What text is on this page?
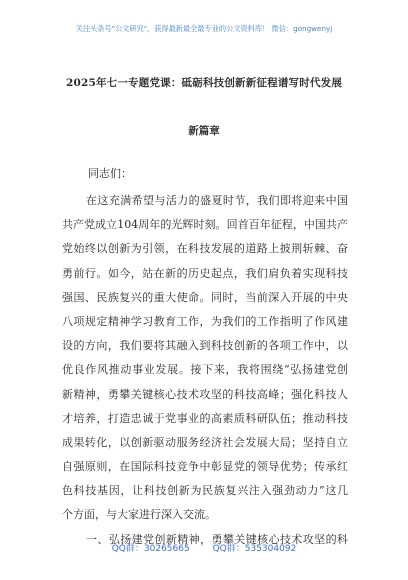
关注头条号"公文研究"，获得最新最全最专业的公文资料库！ 微信：gongwenyj
2025年七一专题党课：砥砺科技创新新征程谱写时代发展
新篇章
同志们：
在这充满希望与活力的盛夏时节，我们即将迎来中国
共产党成立104周年的光辉时刻。回首百年征程，中国共产
党始终以创新为引领，在科技发展的道路上披荆斩棘、奋
勇前行。如今，站在新的历史起点，我们肩负着实现科技
强国、民族复兴的重大使命。同时，当前深入开展的中央
八项规定精神学习教育工作，为我们的工作指明了作风建
设的方向，我们要将其融入到科技创新的各项工作中，以
优良作风推动事业发展。接下来，我将围绕“弘扬建党创
新精神，勇攀关键核心技术攻坚的科技高峰；强化科技人
才培养，打造忠诚于党事业的高素质科研队伍；推动科技
成果转化，以创新驱动服务经济社会发展大局；坚持自立
自强原则，在国际科技竞争中彰显党的领导优势；传承红
色科技基因，让科技创新为民族复兴注入强劲动力”这几
个方面，与大家进行深入交流。
一、弘扬建党创新精神，勇攀关键核心技术攻坚的科
QQ群：30265665	QQ群：535304092
